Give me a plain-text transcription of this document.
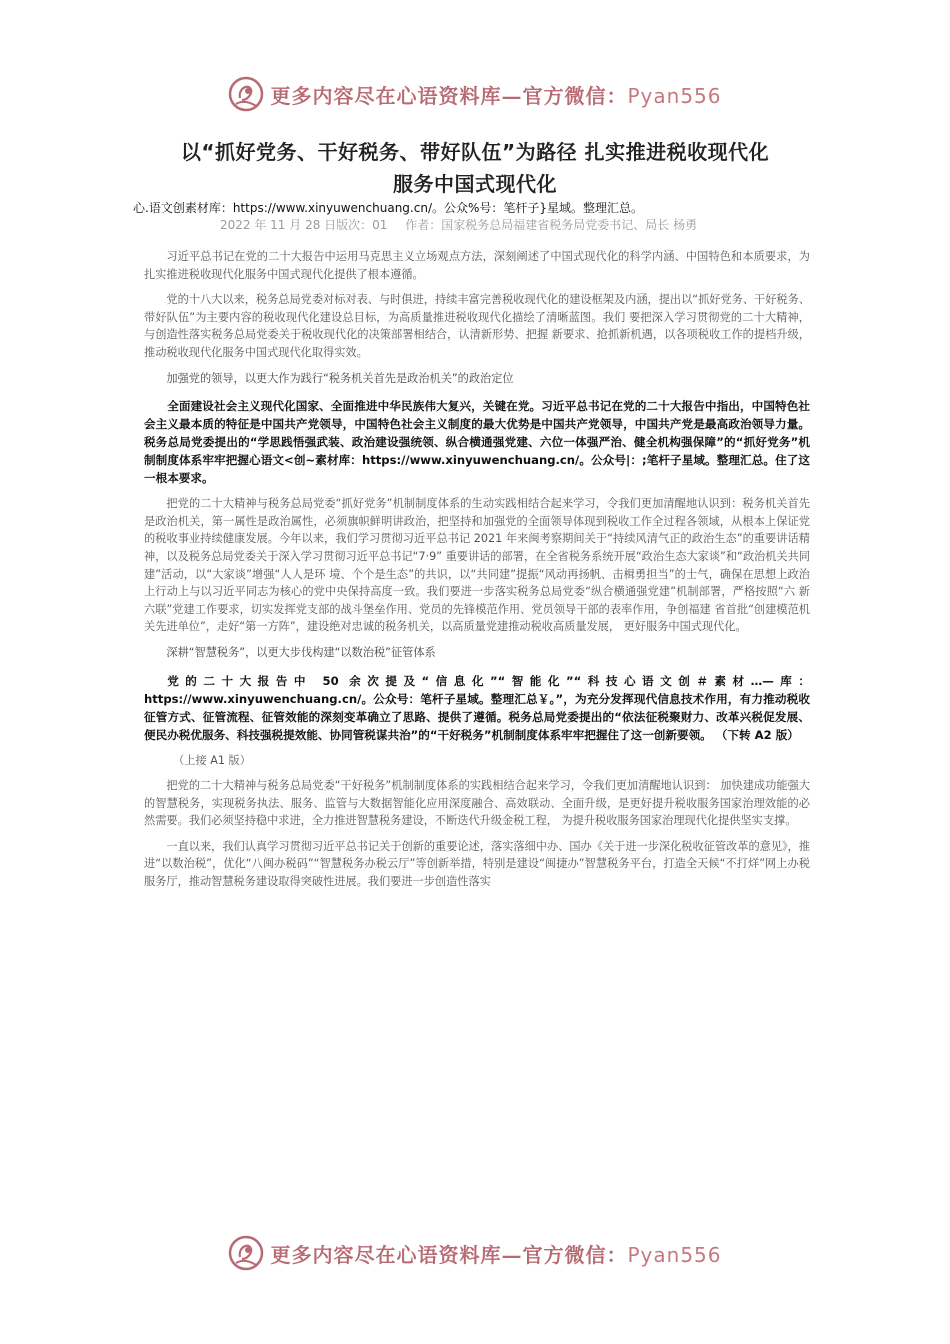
更多内容尽在心语资料库—官方微信：Pyan556
以“抓好党务、干好税务、带好队伍”为路径 扎实推进税收现代化
服务中国式现代化
心.语文创素材库：https://www.xinyuwenchuang.cn/。公众%号：笔杆子}星域。整理汇总。
2022 年 11 月 28 日版次：01 作者：国家税务总局福建省税务局党委书记、局长 杨勇

习近平总书记在党的二十大报告中运用马克思主义立场观点方法，深刻阐述了中国式现代化的科学内涵、中国特色和本质要求，为扎实推进税收现代化服务中国式现代化提供了根本遵循。

党的十八大以来，税务总局党委对标对表、与时俱进，持续丰富完善税收现代化的建设框架及内涵，提出以“抓好党务、干好税务、带好队伍”为主要内容的税收现代化建设总目标，为高质量推进税收现代化描绘了清晰蓝图。我们 要把深入学习贯彻党的二十大精神，与创造性落实税务总局党委关于税收现代化的决策部署相结合，认清新形势、把握 新要求、抢抓新机遇，以各项税收工作的提档升级，推动税收现代化服务中国式现代化取得实效。

加强党的领导，以更大作为践行“税务机关首先是政治机关”的政治定位

全面建设社会主义现代化国家、全面推进中华民族伟大复兴，关键在党。习近平总书记在党的二十大报告中指出，中国特色社会主义最本质的特征是中国共产党领导，中国特色社会主义制度的最大优势是中国共产党领导，中国共产党是最高政治领导力量。税务总局党委提出的“学思践悟强武装、政治建设强统领、纵合横通强党建、六位一体强严治、健全机构强保障”的“抓好党务”机制制度体系牢牢把握心语文<创~素材库：https://www.xinyuwenchuang.cn/。公众号|：;笔杆子星域。整理汇总。住了这一根本要求。

把党的二十大精神与税务总局党委“抓好党务”机制制度体系的生动实践相结合起来学习，令我们更加清醒地认识到：税务机关首先是政治机关，第一属性是政治属性，必须旗帜鲜明讲政治，把坚持和加强党的全面领导体现到税收工作全过程各领域，从根本上保证党的税收事业持续健康发展。今年以来，我们学习贯彻习近平总书记 2021 年来闽考察期间关于“持续风清气正的政治生态”的重要讲话精神，以及税务总局党委关于深入学习贯彻习近平总书记“7·9” 重要讲话的部署，在全省税务系统开展“政治生态大家谈”和“政治机关共同建”活动，以“大家谈”增强“人人是环 境、个个是生态”的共识，以“共同建”提振“风动再扬帆、击楫勇担当”的士气，确保在思想上政治上行动上与以习近平同志为核心的党中央保持高度一致。我们要进一步落实税务总局党委“纵合横通强党建”机制部署，严格按照“六 新六联”党建工作要求，切实发挥党支部的战斗堡垒作用、党员的先锋模范作用、党员领导干部的表率作用，争创福建 省首批“创建模范机关先进单位”，走好“第一方阵”，建设绝对忠诚的税务机关，以高质量党建推动税收高质量发展， 更好服务中国式现代化。

深耕“智慧税务”，以更大步伐构建“以数治税”征管体系

党的二十大报告中 50 余次提及“信息化”“智能化”“科技心语文创＃素材…—库：https://www.xinyuwenchuang.cn/。公众号：笔杆子星域。整理汇总￥。”，为充分发挥现代信息技术作用，有力推动税收征管方式、征管流程、征管效能的深刻变革确立了思路、提供了遵循。税务总局党委提出的“依法征税聚财力、改革兴税促发展、便民办税优服务、科技强税提效能、协同管税谋共治”的“干好税务”机制制度体系牢牢把握住了这一创新要领。 （下转 A2 版）

（上接 A1 版）

把党的二十大精神与税务总局党委“干好税务”机制制度体系的实践相结合起来学习，令我们更加清醒地认识到： 加快建成功能强大的智慧税务，实现税务执法、服务、监管与大数据智能化应用深度融合、高效联动、全面升级，是更好提升税收服务国家治理效能的必然需要。我们必须坚持稳中求进，全力推进智慧税务建设，不断迭代升级金税工程， 为提升税收服务国家治理现代化提供坚实支撑。

一直以来，我们认真学习贯彻习近平总书记关于创新的重要论述，落实落细中办、国办《关于进一步深化税收征管改革的意见》，推进“以数治税”，优化“八闽办税码”“智慧税务办税云厅”等创新举措，特别是建设“闽捷办”智慧税务平台，打造全天候“不打烊”网上办税服务厅，推动智慧税务建设取得突破性进展。我们要进一步创造性落实

更多内容尽在心语资料库—官方微信：Pyan556
